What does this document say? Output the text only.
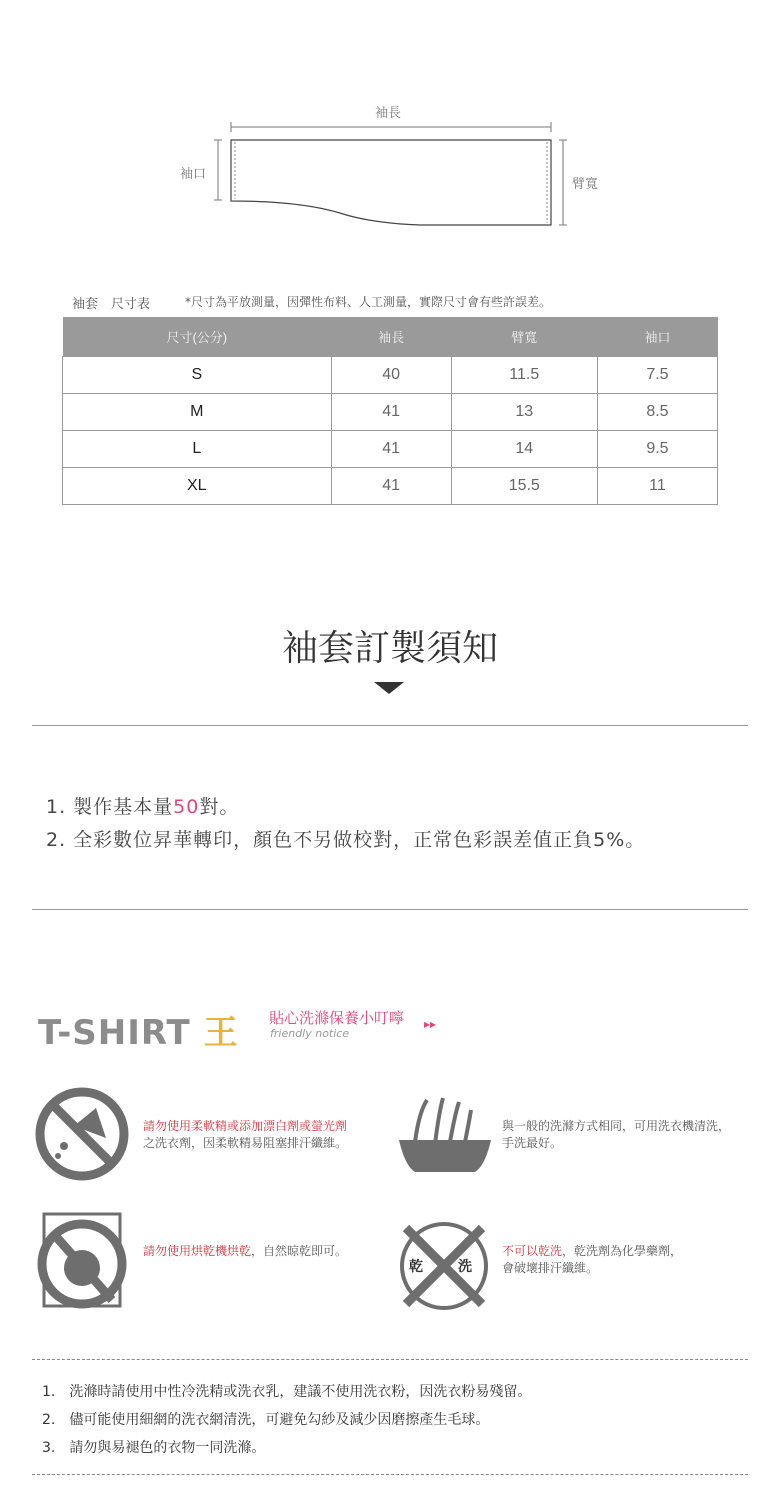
袖長
袖口
臂寬
袖套　尺寸表	*尺寸為平放測量，因彈性布料、人工測量，實際尺寸會有些許誤差。
尺寸(公分)	袖長	臂寬	袖口
S	40	11.5	7.5
M	41	13	8.5
L	41	14	9.5
XL	41	15.5	11
袖套訂製須知
1. 製作基本量50對。
2. 全彩數位昇華轉印，顏色不另做校對，正常色彩誤差值正負5%。
T-SHIRT 王 貼心洗滌保養小叮嚀
friendly notice
▸▸
請勿使用柔軟精或添加漂白劑或螢光劑
之洗衣劑，因柔軟精易阻塞排汗纖維。
與一般的洗滌方式相同，可用洗衣機清洗，
手洗最好。
請勿使用烘乾機烘乾，自然晾乾即可。
乾	洗
不可以乾洗，乾洗劑為化學藥劑，
會破壞排汗纖維。
1.　洗滌時請使用中性冷洗精或洗衣乳，建議不使用洗衣粉，因洗衣粉易殘留。
2.　儘可能使用細網的洗衣網清洗，可避免勾紗及減少因磨擦產生毛球。
3.　請勿與易褪色的衣物一同洗滌。
